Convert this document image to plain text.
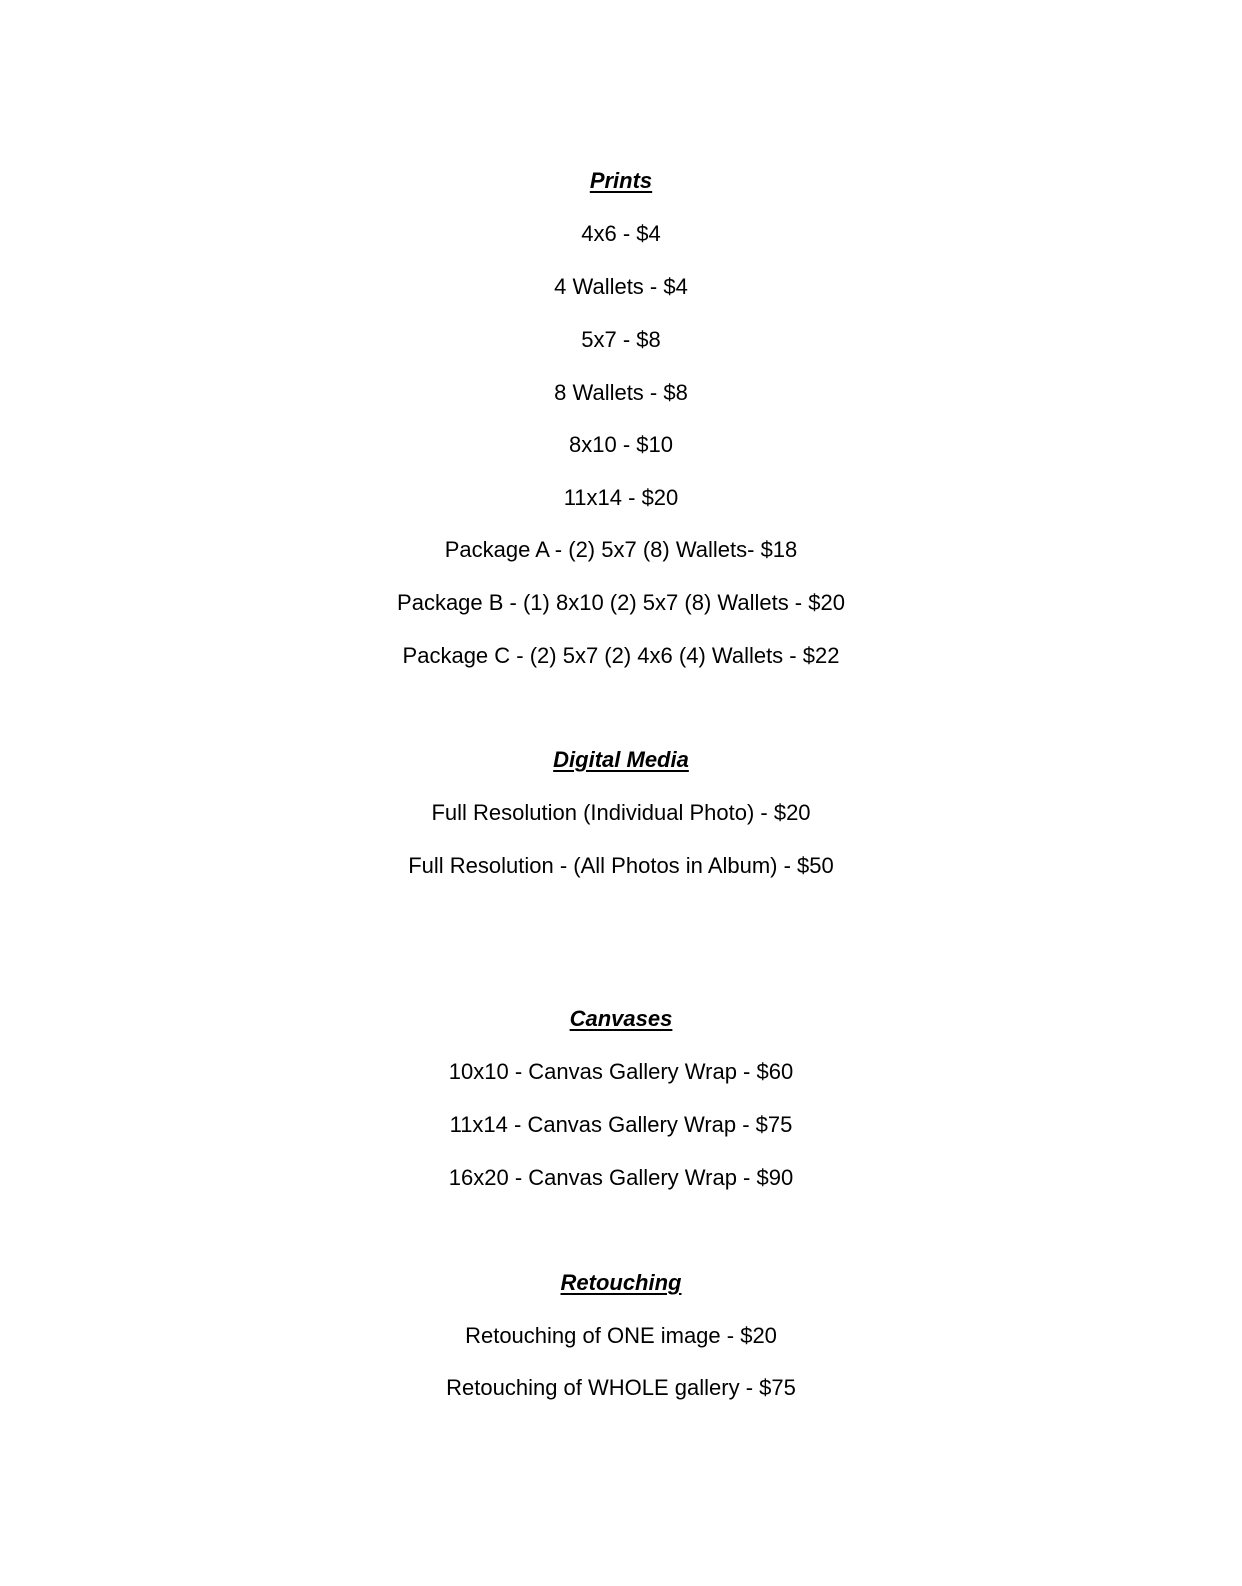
Prints
4x6 - $4
4 Wallets - $4
5x7 - $8
8 Wallets - $8
8x10 - $10
11x14 - $20
Package A - (2) 5x7 (8) Wallets- $18
Package B - (1) 8x10 (2) 5x7 (8) Wallets - $20
Package C - (2) 5x7 (2) 4x6 (4) Wallets - $22
Digital Media
Full Resolution (Individual Photo) - $20
Full Resolution - (All Photos in Album) - $50
Canvases
10x10 - Canvas Gallery Wrap - $60
11x14 - Canvas Gallery Wrap - $75
16x20 - Canvas Gallery Wrap - $90
Retouching
Retouching of ONE image - $20
Retouching of WHOLE gallery - $75
